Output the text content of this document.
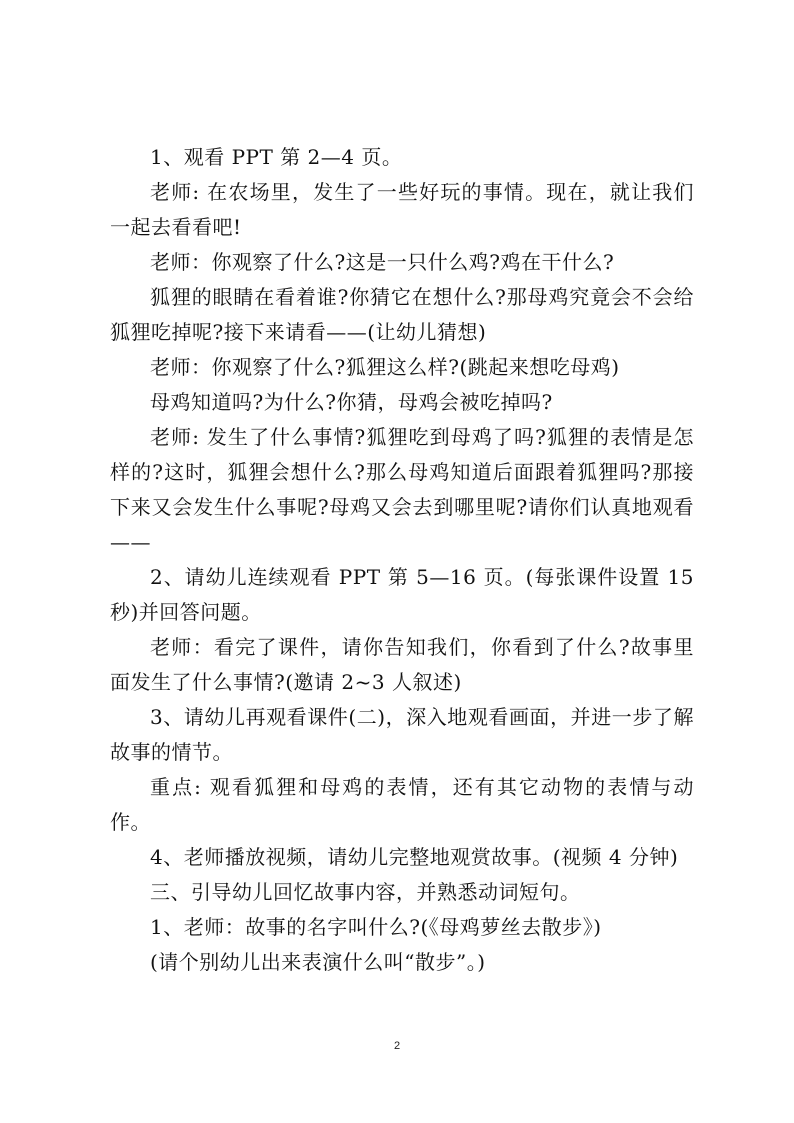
1、观看 PPT 第 2—4 页。

老师: 在农场里，发生了一些好玩的事情。现在，就让我们一起去看看吧!

老师：你观察了什么?这是一只什么鸡?鸡在干什么?

狐狸的眼睛在看着谁?你猜它在想什么?那母鸡究竟会不会给狐狸吃掉呢?接下来请看——(让幼儿猜想)

老师：你观察了什么?狐狸这么样?(跳起来想吃母鸡)

母鸡知道吗?为什么?你猜，母鸡会被吃掉吗?

老师: 发生了什么事情?狐狸吃到母鸡了吗?狐狸的表情是怎样的?这时，狐狸会想什么?那么母鸡知道后面跟着狐狸吗?那接下来又会发生什么事呢?母鸡又会去到哪里呢?请你们认真地观看——

2、请幼儿连续观看 PPT 第 5—16 页。(每张课件设置 15 秒)并回答问题。

老师：看完了课件，请你告知我们，你看到了什么?故事里面发生了什么事情?(邀请 2~3 人叙述)

3、请幼儿再观看课件(二)，深入地观看画面，并进一步了解故事的情节。

重点: 观看狐狸和母鸡的表情，还有其它动物的表情与动作。

4、老师播放视频，请幼儿完整地观赏故事。(视频 4 分钟)

三、引导幼儿回忆故事内容，并熟悉动词短句。

1、老师：故事的名字叫什么?(《母鸡萝丝去散步》)

(请个别幼儿出来表演什么叫“散步”。)

2
